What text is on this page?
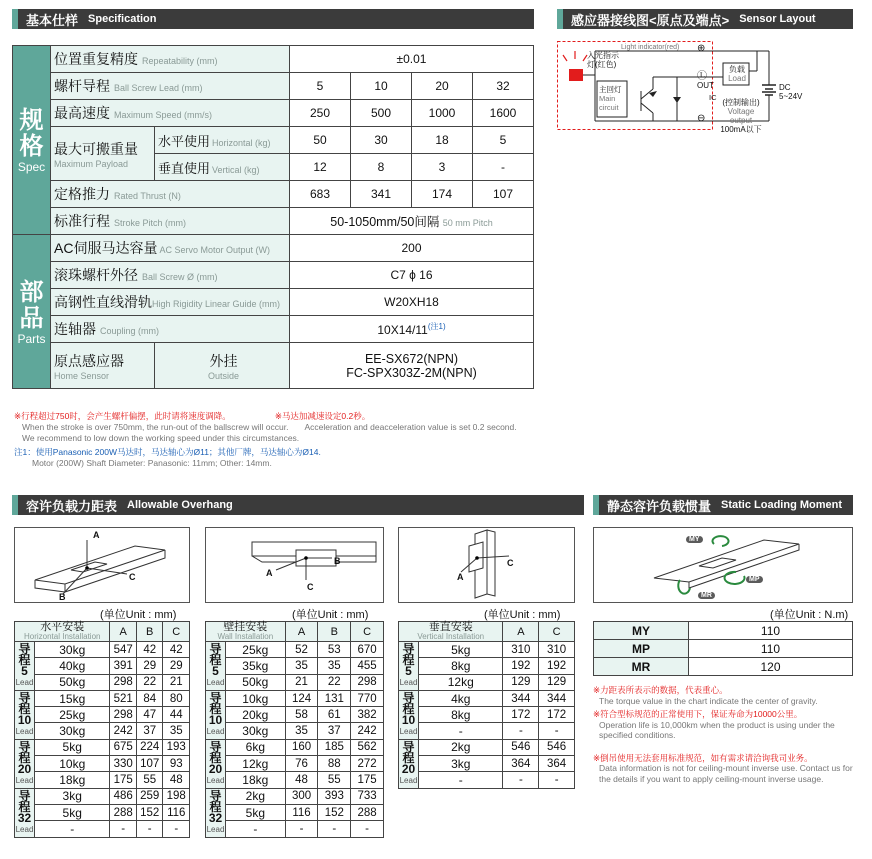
基本仕样 Specification	感应器接线图<原点及端点> Sensor Layout
容许负载力距表 Allowable Overhang	静态容许负载惯量 Static Loading Moment
规格
Spec	位置重复精度 Repeatability (mm)		±0.01			
	螺杆导程 Ball Screw Lead (mm)		5	10	20	32
	最高速度 Maximum Speed (mm/s)		250	500	1000	1600

	最大可搬重量
Maximum Payload	水平使用 Horizontal (kg)	50	30	18	5
		垂直使用 Vertical (kg)	12	8	3	-
	定格推力 Rated Thrust (N)		683	341	174	107
	标准行程 Stroke Pitch (mm)		50-1050mm/50间隔 50 mm Pitch			
部品
Parts	AC伺服马达容量 AC Servo Motor Output (W)		200			
	滚珠螺杆外径 Ball Screw Ø (mm)		C7 ϕ 16			
	高钢性直线滑轨High Rigidity Linear Guide (mm)		W20XH18			
	连轴器 Coupling (mm)		10X14/11$^{(注1)}$

	原点感应器
Home Sensor	外挂
Outside	EE-SX672(NPN)
FC-SPX303Z-2M(NPN)			
※行程超过750时，会产生螺杆偏摆，此时请将速度调降。	※马达加减速设定0.2秒。
When the stroke is over 750mm, the run-out of the ballscrew will occur. Acceleration and deacceleration value is set 0.2 second.
We recommend to low down the working speed under this circumstances.
注1：使用Panasonic 200W马达时，马达轴心为Ø11；其他厂牌，马达轴心为Ø14.
Motor (200W) Shaft Diameter: Panasonic: 11mm; Other: 14mm.
入光指示灯(红色)
Light indicator(red)
主回灯
Main circuit
⊕
Ⓛ
⊖
负载
Load
OUT
IC
(控制输出)
Voltage output
100mA以下
DC
5~24V
A
C
B
B
A
C
C
A
MY
MP
MR
(单位Unit : mm)	(单位Unit : mm)	(单位Unit : mm)	(单位Unit : N.m)
水平安装
Horizontal Installation		A	B	C

导程
5
Lead	30kg	547	42	42
	40kg	391	29	29
	50kg	298	22	21

导程
10
Lead	15kg	521	84	80
	25kg	298	47	44
	30kg	242	37	35

导程
20
Lead	5kg	675	224	193
	10kg	330	107	93
	18kg	175	55	48

导程
32
Lead	3kg	486	259	198
	5kg	288	152	116
	-	-	-	-
壁挂安装
Wall Installation		A	B	C

导程
5
Lead	25kg	52	53	670
	35kg	35	35	455
	50kg	21	22	298

导程
10
Lead	10kg	124	131	770
	20kg	58	61	382
	30kg	35	37	242

导程
20
Lead	6kg	160	185	562
	12kg	76	88	272
	18kg	48	55	175

导程
32
Lead	2kg	300	393	733
	5kg	116	152	288
	-	-	-	-
垂直安装
Vertical Installation		A	C

导程
5
Lead	5kg	310	310
	8kg	192	192
	12kg	129	129

导程
10
Lead	4kg	344	344
	8kg	172	172
	-	-	-

导程
20
Lead	2kg	546	546
	3kg	364	364
	-	-	-
MY	110
MP	110
MR	120
※力距表所表示的数据，代表重心。
The torque value in the chart indicate the center of gravity.
※符合型标规范的正常使用下，保证寿命为10000公里。
Operation life is 10,000km when the product is using under the specified conditions.
※倒吊使用无法套用标准规范，如有需求请洽询我司业务。
Data information is not for ceiling-mount inverse use. Contact us for the details if you want to apply ceiling-mount inverse usage.
